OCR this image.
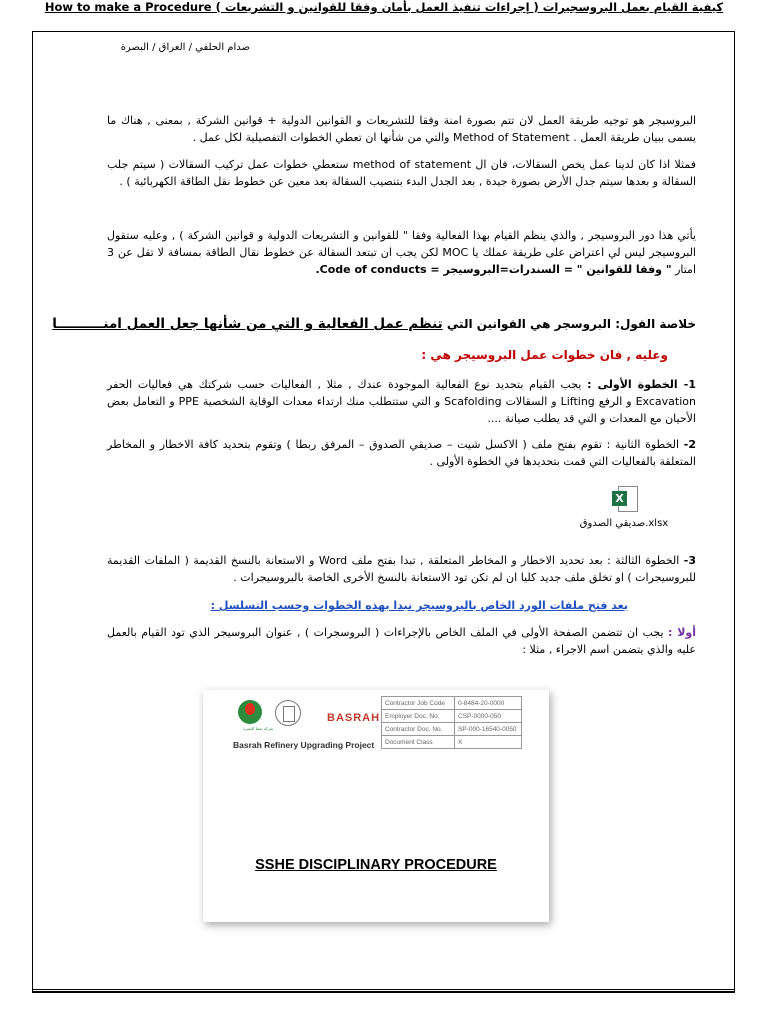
صدام الحلفي / العراق / البصرة
كيفية القيام بعمل البروسجيرات ( إجراءات تنفيذ العمل بأمان وفقا للقوانين و التشريعات ) How to make a Procedure
البروسيجر هو توجيه طريقة العمل لان تتم بصورة امنة وفقا للتشريعات و القوانين الدولية + قوانين الشركة , بمعنى , هناك ما يسمى ببيان طريقة العمل . Method of Statement والتي من شأنها ان تعطي الخطوات التفصيلية لكل عمل .
فمثلا اذا كان لدينا عمل يخص السقالات، فان ال method of statement ستعطي خطوات عمل تركيب السقالات ( سيتم جلب السقالة و بعدها سيتم جدل الأرض بصورة جيدة , بعد الجدل البدء بتنصيب السقالة بعد معين عن خطوط نقل الطاقة الكهربائية ) .
يأتي هذا دور البروسيجر , والذي ينظم القيام بهذا الفعالية وفقا " للقوانين و التشريعات الدولية و قوانين الشركة ) , وعليه ستقول البروسيجر ليس لي اعتراض على طريقة عملك يا MOC لكن يجب ان تبتعد السقالة عن خطوط نقال الطاقة بمسافة لا تقل عن 3 امتار " وفقا للقوانين " = السندرات=البروسيجر = Code of conducts.
خلاصة القول: البروسجر هي القوانين التي تنظم عمل الفعالية و التي من شأنها جعل العمل امنــــــــــا
وعليه , فان خطوات عمل البروسيجر هي :
1- الخطوة الأولى : يجب القيام بتحديد نوع الفعالية الموجودة عندك , مثلا , الفعاليات حسب شركتك هي فعاليات الحفر Excavation و الرفع Lifting و السقالات Scafolding و التي ستتطلب منك ارتداء معدات الوقاية الشخصية PPE و التعامل بعض الأحيان مع المعدات و التي قد يطلب صيانة ....
2- الخطوة الثانية : تقوم بفتح ملف ( الاكسل شيت – صديقي الصدوق – المرفق ربطا ) وتقوم بتحديد كافة الاخطار و المخاطر المتعلقة بالفعاليات التي قمت بتحديدها في الخطوة الأولى .
X
صديقي الصدوق.xlsx
3- الخطوة الثالثة : بعد تحديد الاخطار و المخاطر المتعلقة , تبدا بفتح ملف Word و الاستعانة بالنسخ القديمة ( الملفات القديمة للبروسيجرات ) او تخلق ملف جديد كليا ان لم تكن تود الاستعانة بالنسخ الأخرى الخاصة بالبروسيجرات .
بعد فتح ملفات الورد الخاص بالبروسيجر نبدا بهذه الخطوات وحسب التسلسل :
أولا : يجب ان تتضمن الصفحة الأولى في الملف الخاص بالإجراءات ( البروسجرات ) , عنوان البروسيجر الذي تود القيام بالعمل عليه والذي يتضمن اسم الاجراء , مثلا :
شركة نفط البصرة
BASRAH
Basrah Refinery Upgrading Project
Contractor Job Code	0-8484-20-0000
Employer Doc. No.	CSP-0000-050
Contractor Doc. No.	SP-000-16540-0050
Document Class	X
SSHE DISCIPLINARY PROCEDURE
